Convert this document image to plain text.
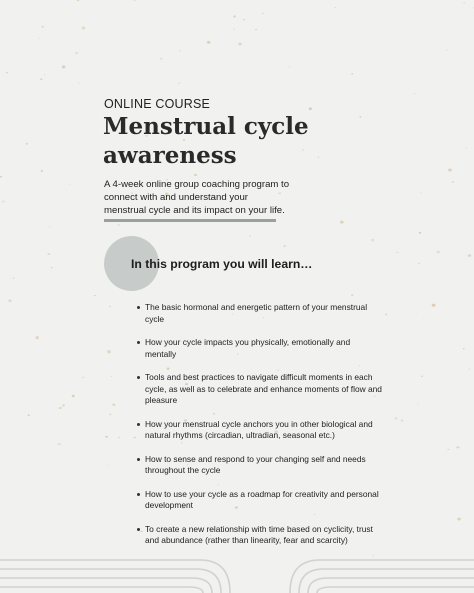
ONLINE COURSE
Menstrual cycle awareness

A 4-week online group coaching program to connect with and understand your menstrual cycle and its impact on your life.

In this program you will learn…
The basic hormonal and energetic pattern of your menstrual cycle
How your cycle impacts you physically, emotionally and mentally
Tools and best practices to navigate difficult moments in each cycle, as well as to celebrate and enhance moments of flow and pleasure
How your menstrual cycle anchors you in other biological and natural rhythms (circadian, ultradian, seasonal etc.)
How to sense and respond to your changing self and needs throughout the cycle
How to use your cycle as a roadmap for creativity and personal development
To create a new relationship with time based on cyclicity, trust and abundance (rather than linearity, fear and scarcity)
